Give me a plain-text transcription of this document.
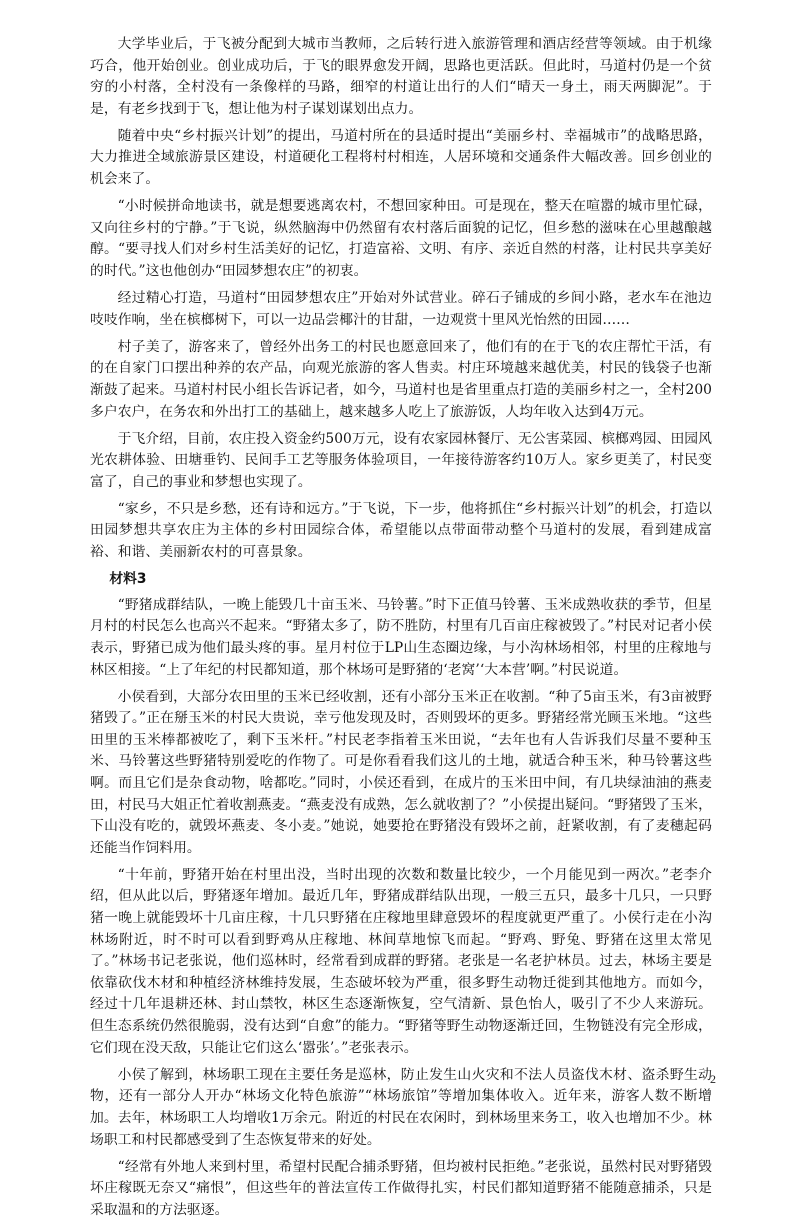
大学毕业后，于飞被分配到大城市当教师，之后转行进入旅游管理和酒店经营等领域。由于机缘巧合，他开始创业。创业成功后，于飞的眼界愈发开阔，思路也更活跃。但此时，马道村仍是一个贫穷的小村落，全村没有一条像样的马路，细窄的村道让出行的人们“晴天一身土，雨天两脚泥”。于是，有老乡找到于飞，想让他为村子谋划谋划出点力。

随着中央“乡村振兴计划”的提出，马道村所在的县适时提出“美丽乡村、幸福城市”的战略思路，大力推进全域旅游景区建设，村道硬化工程将村村相连，人居环境和交通条件大幅改善。回乡创业的机会来了。

“小时候拼命地读书，就是想要逃离农村，不想回家种田。可是现在，整天在喧嚣的城市里忙碌，又向往乡村的宁静。”于飞说，纵然脑海中仍然留有农村落后面貌的记忆，但乡愁的滋味在心里越酿越醇。“要寻找人们对乡村生活美好的记忆，打造富裕、文明、有序、亲近自然的村落，让村民共享美好的时代。”这也他创办“田园梦想农庄”的初衷。

经过精心打造，马道村“田园梦想农庄”开始对外试营业。碎石子铺成的乡间小路，老水车在池边吱吱作响，坐在槟榔树下，可以一边品尝椰汁的甘甜，一边观赏十里风光怡然的田园……

村子美了，游客来了，曾经外出务工的村民也愿意回来了，他们有的在于飞的农庄帮忙干活，有的在自家门口摆出种养的农产品，向观光旅游的客人售卖。村庄环境越来越优美，村民的钱袋子也渐渐鼓了起来。马道村村民小组长告诉记者，如今，马道村也是省里重点打造的美丽乡村之一，全村200多户农户，在务农和外出打工的基础上，越来越多人吃上了旅游饭，人均年收入达到4万元。

于飞介绍，目前，农庄投入资金约500万元，设有农家园林餐厅、无公害菜园、槟榔鸡园、田园风光农耕体验、田塘垂钓、民间手工艺等服务体验项目，一年接待游客约10万人。家乡更美了，村民变富了，自己的事业和梦想也实现了。

“家乡，不只是乡愁，还有诗和远方。”于飞说，下一步，他将抓住“乡村振兴计划”的机会，打造以田园梦想共享农庄为主体的乡村田园综合体，希望能以点带面带动整个马道村的发展，看到建成富裕、和谐、美丽新农村的可喜景象。

材料3

“野猪成群结队，一晚上能毁几十亩玉米、马铃薯。”时下正值马铃薯、玉米成熟收获的季节，但星月村的村民怎么也高兴不起来。“野猪太多了，防不胜防，村里有几百亩庄稼被毁了。”村民对记者小侯表示，野猪已成为他们最头疼的事。星月村位于LP山生态圈边缘，与小沟林场相邻，村里的庄稼地与林区相接。“上了年纪的村民都知道，那个林场可是野猪的‘老窝’‘大本营’啊。”村民说道。

小侯看到，大部分农田里的玉米已经收割，还有小部分玉米正在收割。“种了5亩玉米，有3亩被野猪毁了。”正在掰玉米的村民大贵说，幸亏他发现及时，否则毁坏的更多。野猪经常光顾玉米地。“这些田里的玉米棒都被吃了，剩下玉米杆。”村民老李指着玉米田说，“去年也有人告诉我们尽量不要种玉米、马铃薯这些野猪特别爱吃的作物了。可是你看看我们这儿的土地，就适合种玉米，种马铃薯这些啊。而且它们是杂食动物，啥都吃。”同时，小侯还看到，在成片的玉米田中间，有几块绿油油的燕麦田，村民马大姐正忙着收割燕麦。“燕麦没有成熟，怎么就收割了？”小侯提出疑问。“野猪毁了玉米，下山没有吃的，就毁坏燕麦、冬小麦。”她说，她要抢在野猪没有毁坏之前，赶紧收割，有了麦穗起码还能当作饲料用。

“十年前，野猪开始在村里出没，当时出现的次数和数量比较少，一个月能见到一两次。”老李介绍，但从此以后，野猪逐年增加。最近几年，野猪成群结队出现，一般三五只，最多十几只，一只野猪一晚上就能毁坏十几亩庄稼，十几只野猪在庄稼地里肆意毁坏的程度就更严重了。小侯行走在小沟林场附近，时不时可以看到野鸡从庄稼地、林间草地惊飞而起。“野鸡、野兔、野猪在这里太常见了。”林场书记老张说，他们巡林时，经常看到成群的野猪。老张是一名老护林员。过去，林场主要是依靠砍伐木材和种植经济林维持发展，生态破坏较为严重，很多野生动物迁徙到其他地方。而如今，经过十几年退耕还林、封山禁牧，林区生态逐渐恢复，空气清新、景色怡人，吸引了不少人来游玩。但生态系统仍然很脆弱，没有达到“自愈”的能力。“野猪等野生动物逐渐迁回，生物链没有完全形成，它们现在没天敌，只能让它们这么‘嚣张’。”老张表示。

小侯了解到，林场职工现在主要任务是巡林，防止发生山火灾和不法人员盗伐木材、盗杀野生动物，还有一部分人开办“林场文化特色旅游”“林场旅馆”等增加集体收入。近年来，游客人数不断增加。去年，林场职工人均增收1万余元。附近的村民在农闲时，到林场里来务工，收入也增加不少。林场职工和村民都感受到了生态恢复带来的好处。

“经常有外地人来到村里，希望村民配合捕杀野猪，但均被村民拒绝。”老张说，虽然村民对野猪毁坏庄稼既无奈又“痛恨”，但这些年的普法宣传工作做得扎实，村民们都知道野猪不能随意捕杀，只是采取温和的方法驱逐。

2
